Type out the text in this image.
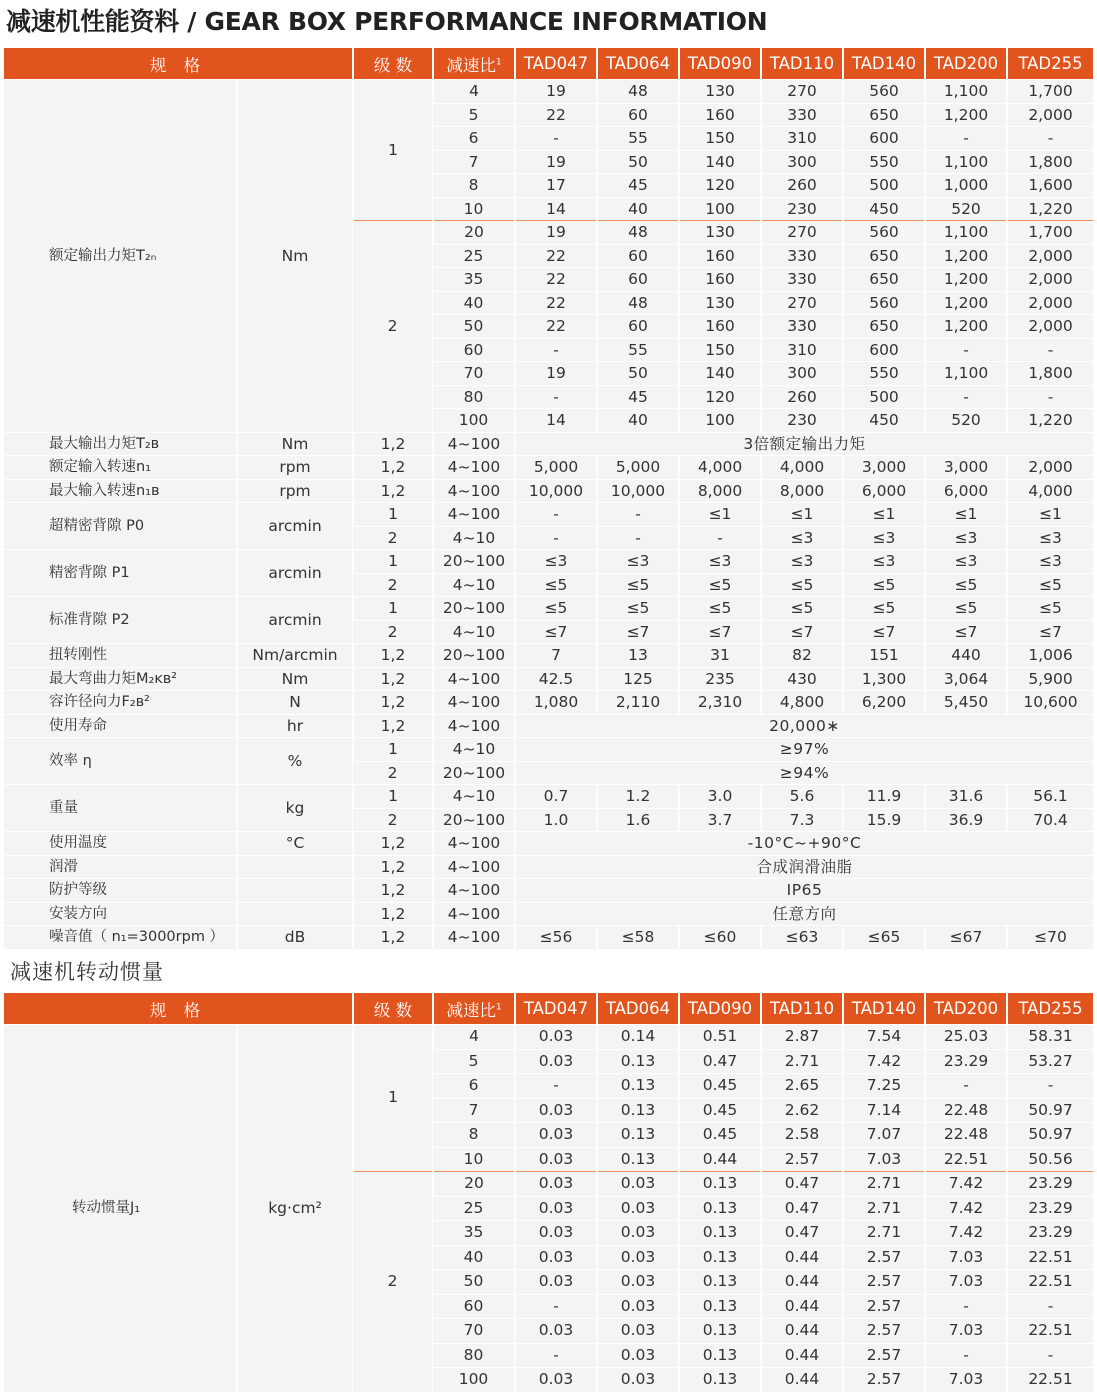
减速机性能资料 / GEAR BOX PERFORMANCE INFORMATION
规 格		级 数	减速比$^1$	TAD047	TAD064	TAD090	TAD110	TAD140	TAD200	TAD255
额定输出力矩T₂ₙ	Nm	1	4	19	48	130	270	560	1,100	1,700
			5	22	60	160	330	650	1,200	2,000
			6	-	55	150	310	600	-	-
			7	19	50	140	300	550	1,100	1,800
			8	17	45	120	260	500	1,000	1,600
			10	14	40	100	230	450	520	1,220
		2	20	19	48	130	270	560	1,100	1,700
			25	22	60	160	330	650	1,200	2,000
			35	22	60	160	330	650	1,200	2,000
			40	22	48	130	270	560	1,200	2,000
			50	22	60	160	330	650	1,200	2,000
			60	-	55	150	310	600	-	-
			70	19	50	140	300	550	1,100	1,800
			80	-	45	120	260	500	-	-
			100	14	40	100	230	450	520	1,220
最大输出力矩T₂ʙ	Nm	1,2	4~100	3倍额定输出力矩						
额定输入转速n₁	rpm	1,2	4~100	5,000	5,000	4,000	4,000	3,000	3,000	2,000
最大输入转速n₁ʙ	rpm	1,2	4~100	10,000	10,000	8,000	8,000	6,000	6,000	4,000
超精密背隙 P0	arcmin	1	4~100	-	-	≤1	≤1	≤1	≤1	≤1
		2	4~10	-	-	-	≤3	≤3	≤3	≤3
精密背隙 P1	arcmin	1	20~100	≤3	≤3	≤3	≤3	≤3	≤3	≤3
		2	4~10	≤5	≤5	≤5	≤5	≤5	≤5	≤5
标准背隙 P2	arcmin	1	20~100	≤5	≤5	≤5	≤5	≤5	≤5	≤5
		2	4~10	≤7	≤7	≤7	≤7	≤7	≤7	≤7
扭转刚性	Nm/arcmin	1,2	20~100	7	13	31	82	151	440	1,006
最大弯曲力矩M₂ᴋʙ²	Nm	1,2	4~100	42.5	125	235	430	1,300	3,064	5,900
容许径向力F₂ʙ²	N	1,2	4~100	1,080	2,110	2,310	4,800	6,200	5,450	10,600
使用寿命	hr	1,2	4~100	20,000∗						
效率 η	%	1	4~10	≥97%						
		2	20~100	≥94%						
重量	kg	1	4~10	0.7	1.2	3.0	5.6	11.9	31.6	56.1
		2	20~100	1.0	1.6	3.7	7.3	15.9	36.9	70.4
使用温度	°C	1,2	4~100	-10°C~+90°C						
润滑		1,2	4~100	合成润滑油脂						
防护等级		1,2	4~100	IP65						
安装方向		1,2	4~100	任意方向						
噪音值（ n₁=3000rpm ）	dB	1,2	4~100	≤56	≤58	≤60	≤63	≤65	≤67	≤70
减速机转动惯量
规 格		级 数	减速比$^1$	TAD047	TAD064	TAD090	TAD110	TAD140	TAD200	TAD255
转动惯量J₁	kg·cm²	1	4	0.03	0.14	0.51	2.87	7.54	25.03	58.31
			5	0.03	0.13	0.47	2.71	7.42	23.29	53.27
			6	-	0.13	0.45	2.65	7.25	-	-
			7	0.03	0.13	0.45	2.62	7.14	22.48	50.97
			8	0.03	0.13	0.45	2.58	7.07	22.48	50.97
			10	0.03	0.13	0.44	2.57	7.03	22.51	50.56
		2	20	0.03	0.03	0.13	0.47	2.71	7.42	23.29
			25	0.03	0.03	0.13	0.47	2.71	7.42	23.29
			35	0.03	0.03	0.13	0.47	2.71	7.42	23.29
			40	0.03	0.03	0.13	0.44	2.57	7.03	22.51
			50	0.03	0.03	0.13	0.44	2.57	7.03	22.51
			60	-	0.03	0.13	0.44	2.57	-	-
			70	0.03	0.03	0.13	0.44	2.57	7.03	22.51
			80	-	0.03	0.13	0.44	2.57	-	-
			100	0.03	0.03	0.13	0.44	2.57	7.03	22.51
